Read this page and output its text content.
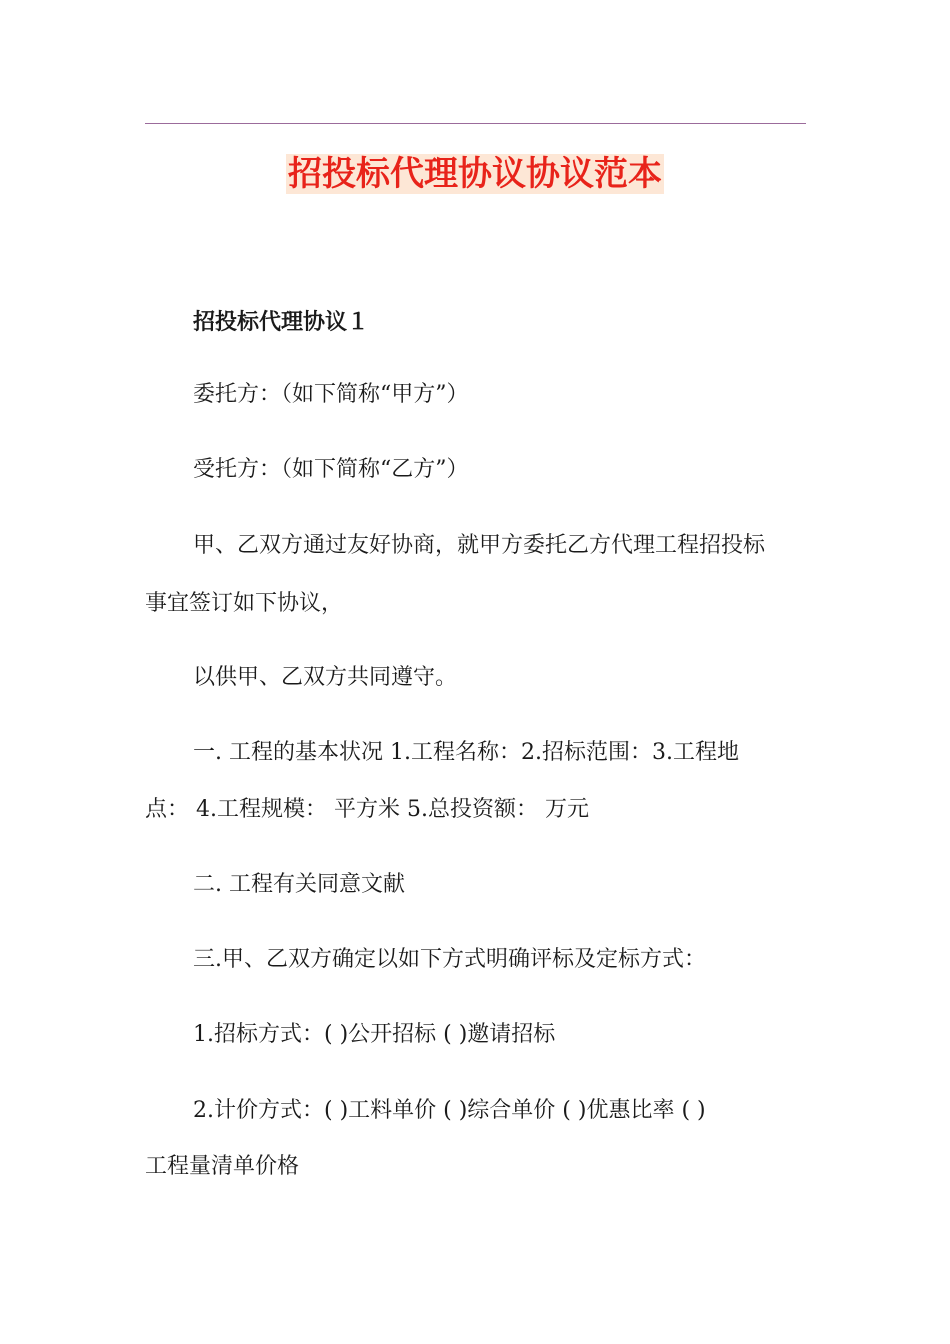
招投标代理协议协议范本
招投标代理协议１
委托方：（如下简称“甲方”）
受托方：（如下简称“乙方”）
甲、乙双方通过友好协商，就甲方委托乙方代理工程招投标
事宜签订如下协议，
以供甲、乙双方共同遵守。
一. 工程的基本状况 1.工程名称：2.招标范围：3.工程地
点： 4.工程规模： 平方米 5.总投资额： 万元
二. 工程有关同意文献
三.甲、乙双方确定以如下方式明确评标及定标方式：
1.招标方式：( )公开招标 ( )邀请招标
2.计价方式：( )工料单价 ( )综合单价 ( )优惠比率 ( )
工程量清单价格
